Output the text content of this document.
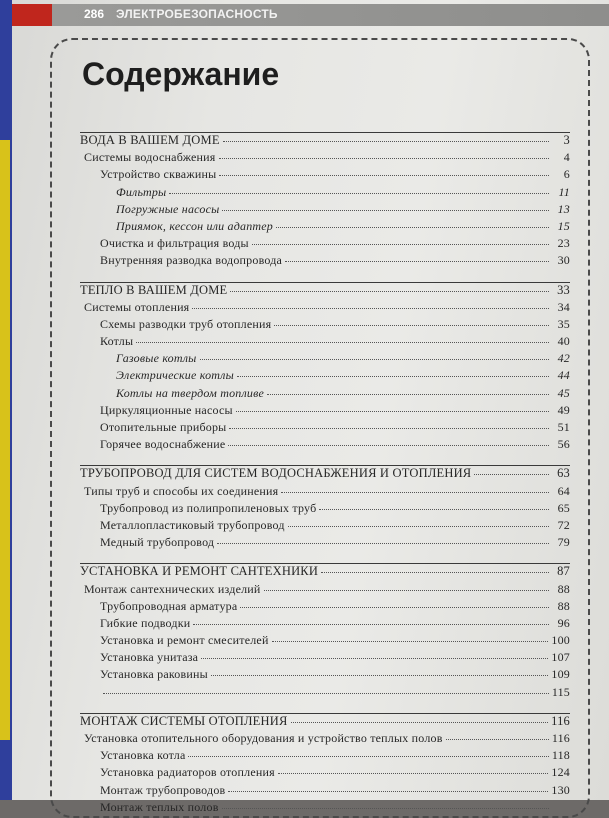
286 ЭЛЕКТРОБЕЗОПАСНОСТЬ
Содержание
ВОДА В ВАШЕМ ДОМЕ	3
Системы водоснабжения	4
Устройство скважины	6
Фильтры	11
Погружные насосы	13
Приямок, кессон или адаптер	15
Очистка и фильтрация воды	23
Внутренняя разводка водопровода	30
ТЕПЛО В ВАШЕМ ДОМЕ	33
Системы отопления	34
Схемы разводки труб отопления	35
Котлы	40
Газовые котлы	42
Электрические котлы	44
Котлы на твердом топливе	45
Циркуляционные насосы	49
Отопительные приборы	51
Горячее водоснабжение	56
ТРУБОПРОВОД ДЛЯ СИСТЕМ ВОДОСНАБЖЕНИЯ И ОТОПЛЕНИЯ	63
Типы труб и способы их соединения	64
Трубопровод из полипропиленовых труб	65
Металлопластиковый трубопровод	72
Медный трубопровод	79
УСТАНОВКА И РЕМОНТ САНТЕХНИКИ	87
Монтаж сантехнических изделий	88
Трубопроводная арматура	88
Гибкие подводки	96
Установка и ремонт смесителей	100
Установка унитаза	107
Установка раковины	109
115
МОНТАЖ СИСТЕМЫ ОТОПЛЕНИЯ	116
Установка отопительного оборудования и устройство теплых полов	116
Установка котла	118
Установка радиаторов отопления	124
Монтаж трубопроводов	130
Монтаж теплых полов
